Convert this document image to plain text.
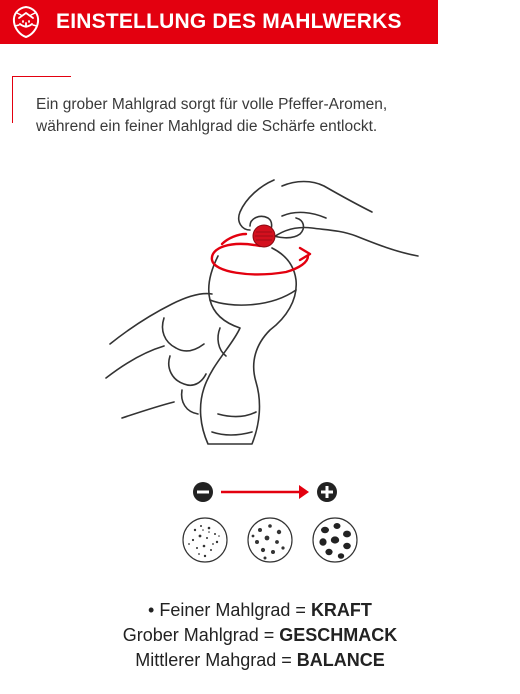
EINSTELLUNG DES MAHLWERKS
Ein grober Mahlgrad sorgt für volle Pfeffer-Aromen,
während ein feiner Mahlgrad die Schärfe entlockt.
• Feiner Mahlgrad = KRAFT
Grober Mahlgrad = GESCHMACK
Mittlerer Mahgrad = BALANCE
